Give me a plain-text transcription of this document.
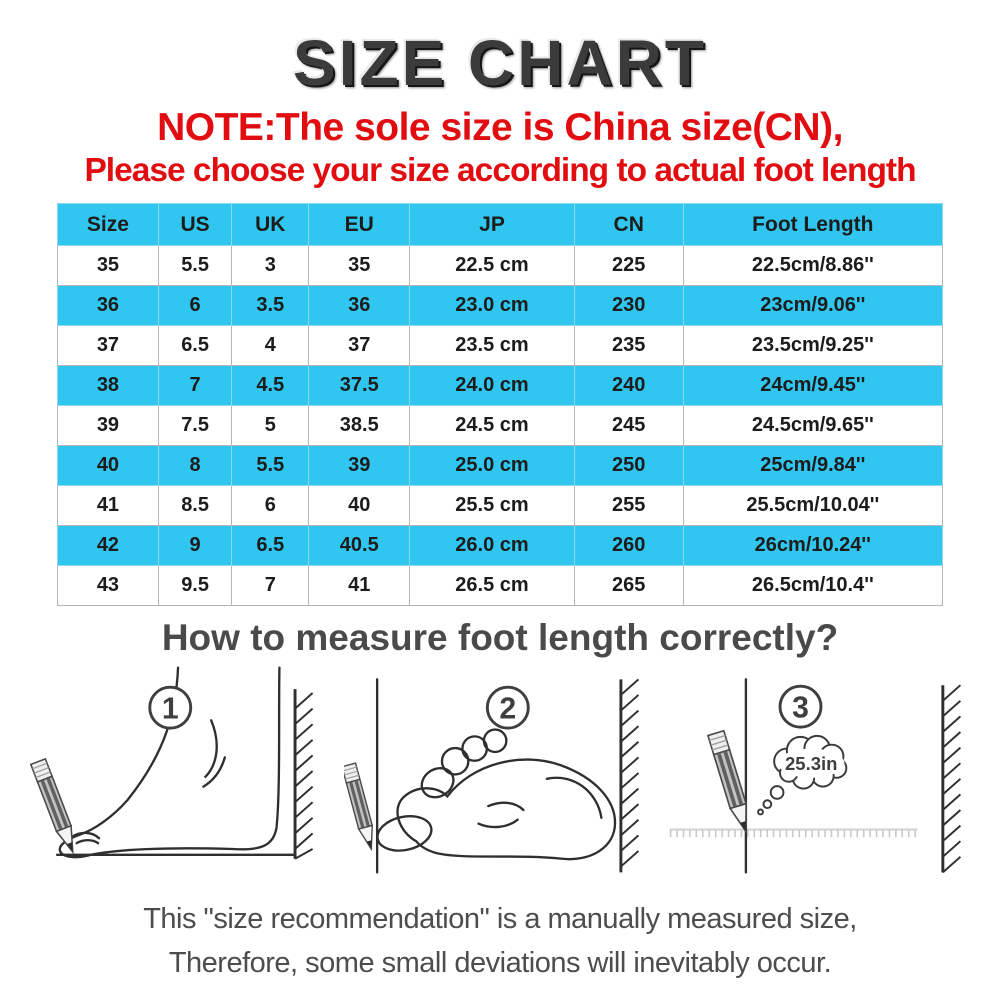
SIZE CHART
NOTE:The sole size is China size(CN),
Please choose your size according to actual foot length
Size	US	UK	EU	JP	CN	Foot Length
35	5.5	3	35	22.5 cm	225	22.5cm/8.86''
36	6	3.5	36	23.0 cm	230	23cm/9.06''
37	6.5	4	37	23.5 cm	235	23.5cm/9.25''
38	7	4.5	37.5	24.0 cm	240	24cm/9.45''
39	7.5	5	38.5	24.5 cm	245	24.5cm/9.65''
40	8	5.5	39	25.0 cm	250	25cm/9.84''
41	8.5	6	40	25.5 cm	255	25.5cm/10.04''
42	9	6.5	40.5	26.0 cm	260	26cm/10.24''
43	9.5	7	41	26.5 cm	265	26.5cm/10.4''
How to measure foot length correctly?
1	2
25.3in
3
This "size recommendation" is a manually measured size,
Therefore, some small deviations will inevitably occur.
